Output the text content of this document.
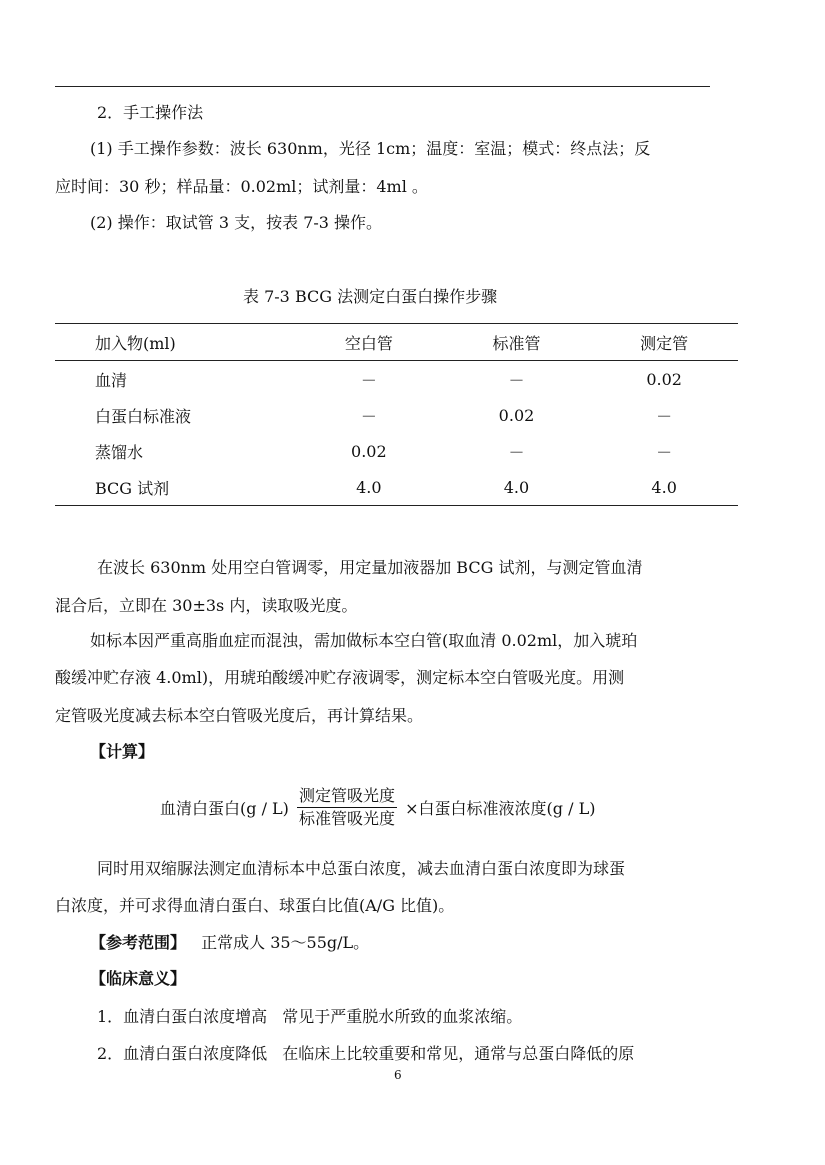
2．手工操作法
(1) 手工操作参数：波长 630nm，光径 1cm；温度：室温；模式：终点法；反
应时间：30 秒；样品量：0.02ml；试剂量：4ml 。
(2) 操作：取试管 3 支，按表 7-3 操作。
表 7-3 BCG 法测定白蛋白操作步骤
加入物(ml)	空白管	标准管	测定管
血清	－	－	0.02
白蛋白标准液	－	0.02	－
蒸馏水	0.02	－	－
BCG 试剂	4.0	4.0	4.0
在波长 630nm 处用空白管调零，用定量加液器加 BCG 试剂，与测定管血清
混合后，立即在 30±3s 内，读取吸光度。
如标本因严重高脂血症而混浊，需加做标本空白管(取血清 0.02ml，加入琥珀
酸缓冲贮存液 4.0ml)，用琥珀酸缓冲贮存液调零，测定标本空白管吸光度。用测
定管吸光度减去标本空白管吸光度后，再计算结果。
【计算】
血清白蛋白$(g / L) \frac{\text{测定管吸光度}}{\text{标准管吸光度}}$ ×白蛋白标准液浓度(g / L)
同时用双缩脲法测定血清标本中总蛋白浓度，减去血清白蛋白浓度即为球蛋
白浓度，并可求得血清白蛋白、球蛋白比值(A/G 比值)。
【参考范围】 正常成人 35～55g/L。
【临床意义】
1．血清白蛋白浓度增高 常见于严重脱水所致的血浆浓缩。
2．血清白蛋白浓度降低 在临床上比较重要和常见，通常与总蛋白降低的原
6
